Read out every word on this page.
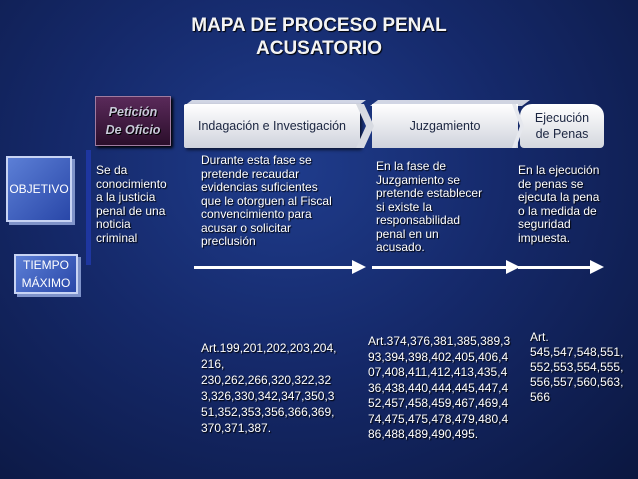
MAPA DE PROCESO PENAL
ACUSATORIO
Indagación e Investigación	Juzgamiento
Ejecución
de Penas
Petición
De Oficio
OBJETIVO
TIEMPO
MÁXIMO
Se da
conocimiento
a la justicia
penal de una
noticia
criminal
Durante esta fase se
pretende recaudar
evidencias suficientes
que le otorguen al Fiscal
convencimiento para
acusar o solicitar
preclusión
En la fase de
Juzgamiento se
pretende establecer
si existe la
responsabilidad
penal en un
acusado.
En la ejecución
de penas se
ejecuta la pena
o la medida de
seguridad
impuesta.
Art.199,201,202,203,204,
216,
230,262,266,320,322,32
3,326,330,342,347,350,3
51,352,353,356,366,369,
370,371,387.
Art.374,376,381,385,389,3
93,394,398,402,405,406,4
07,408,411,412,413,435,4
36,438,440,444,445,447,4
52,457,458,459,467,469,4
74,475,475,478,479,480,4
86,488,489,490,495.
Art.
545,547,548,551,
552,553,554,555,
556,557,560,563,
566
